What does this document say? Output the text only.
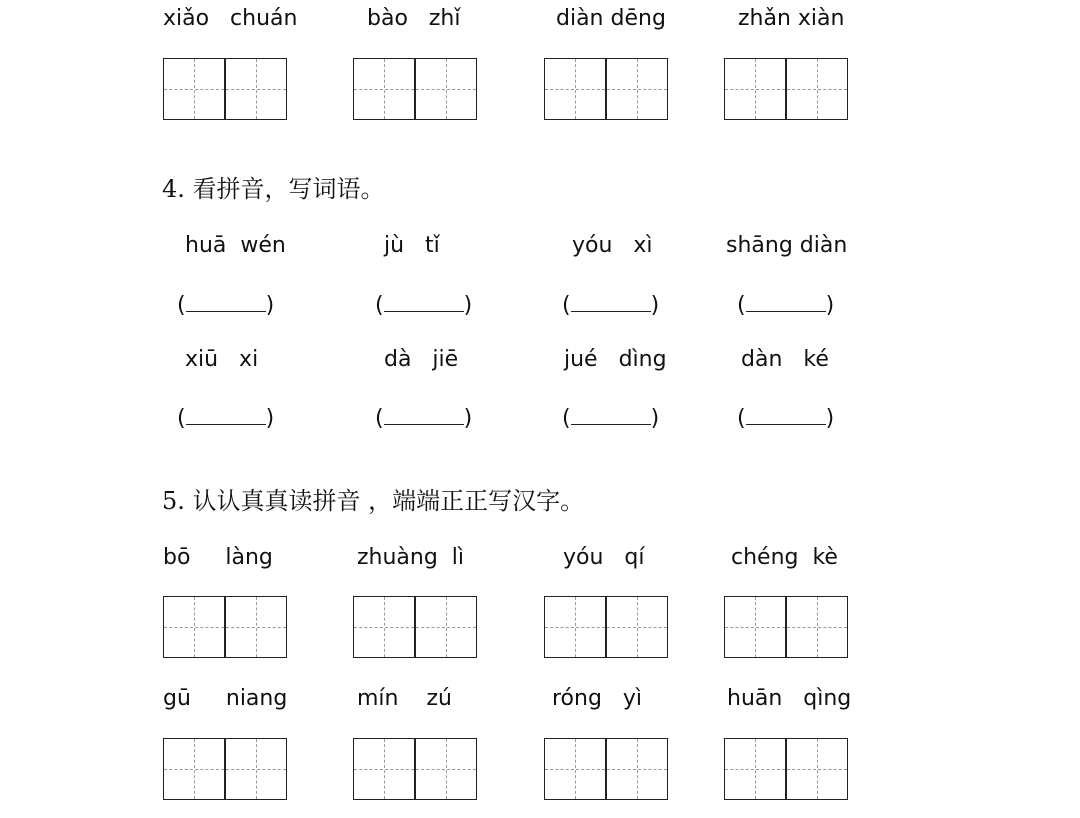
xiǎo   chuán	bào   zhǐ	diàn dēng	zhǎn xiàn
4. 看拼音，写词语。
huā  wén	jù   tǐ	yóu   xì	shāng diàn
(	)	(	)	(	)	(	)
xiū   xi	dà   jiē	jué   dìng	dàn   ké
(	)	(	)	(	)	(	)
5. 认认真真读拼音 ，端端正正写汉字。
bō     làng	zhuàng  lì	yóu   qí	chéng  kè
gū     niang	mín    zú	róng   yì	huān   qìng
